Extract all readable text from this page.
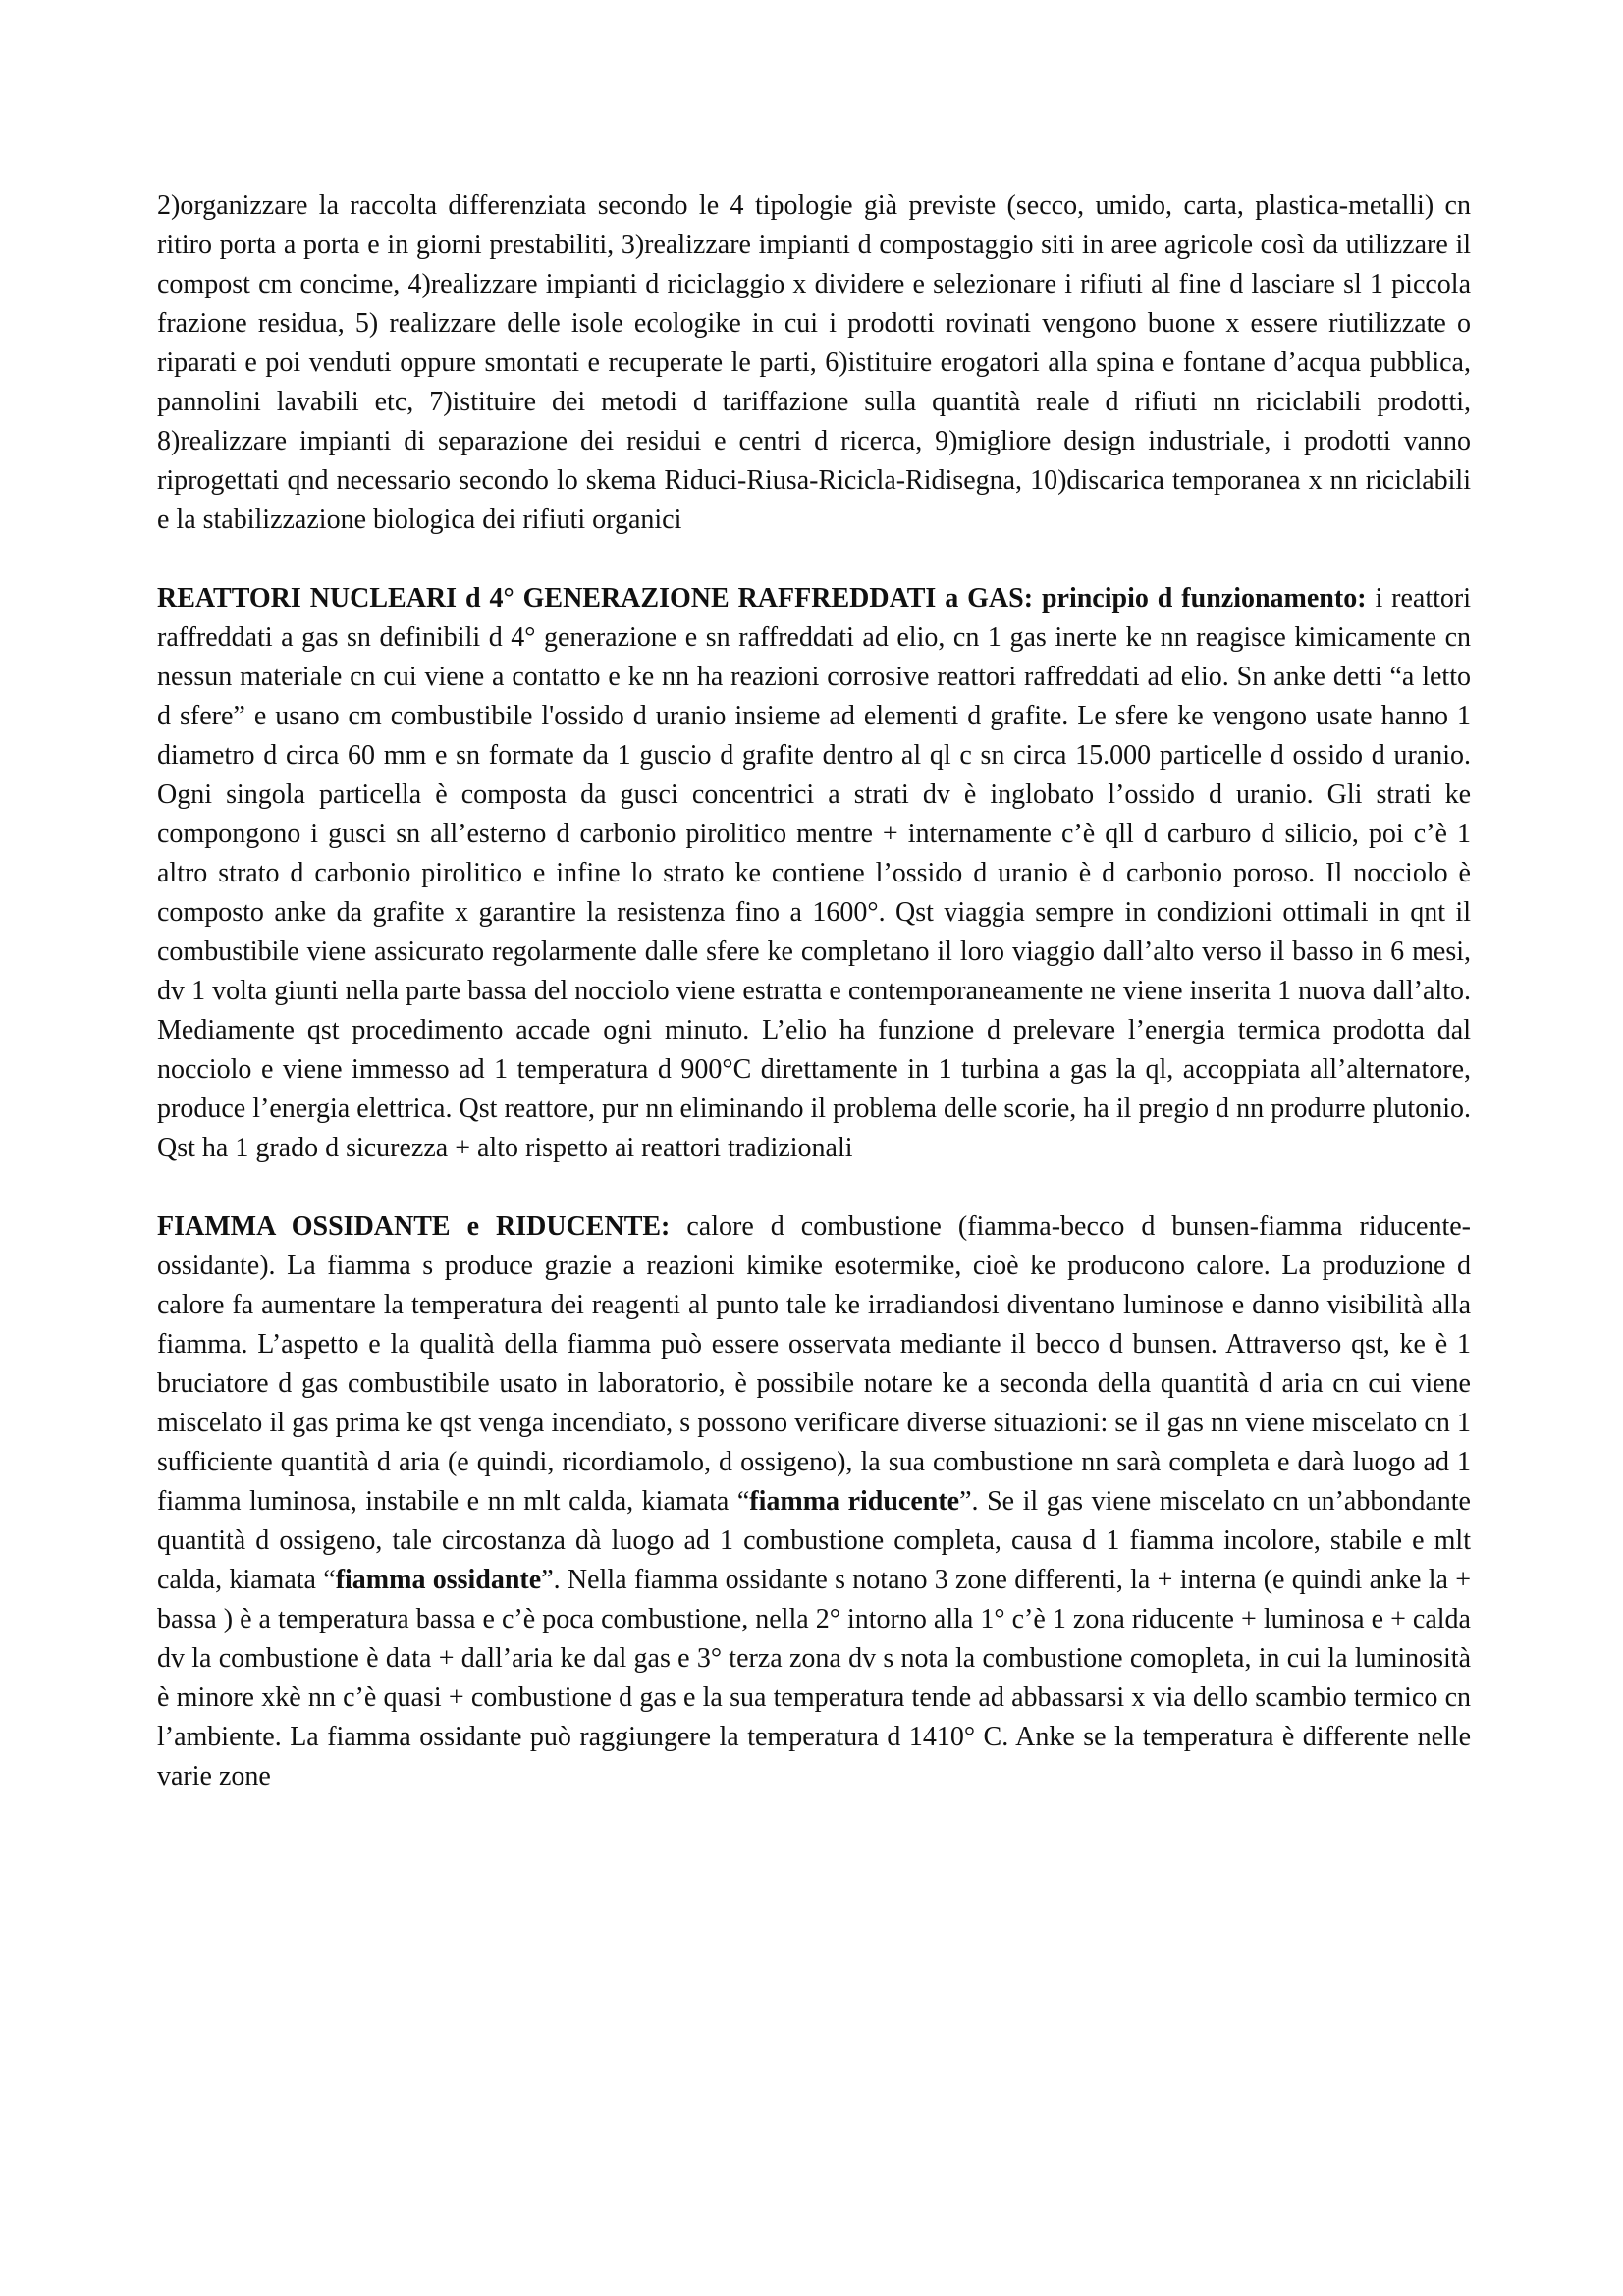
2)organizzare la raccolta differenziata secondo le 4 tipologie già previste (secco, umido, carta, plastica-metalli) cn ritiro porta a porta e in giorni prestabiliti, 3)realizzare impianti d compostaggio siti in aree agricole così da utilizzare il compost cm concime, 4)realizzare impianti d riciclaggio x dividere e selezionare i rifiuti al fine d lasciare sl 1 piccola frazione residua, 5) realizzare delle isole ecologike in cui i prodotti rovinati vengono buone x essere riutilizzate o riparati e poi venduti oppure smontati e recuperate le parti, 6)istituire erogatori alla spina e fontane d’acqua pubblica, pannolini lavabili etc, 7)istituire dei metodi d tariffazione sulla quantità reale d rifiuti nn riciclabili prodotti, 8)realizzare impianti di separazione dei residui e centri d ricerca, 9)migliore design industriale, i prodotti vanno riprogettati qnd necessario secondo lo skema Riduci-Riusa-Ricicla-Ridisegna, 10)discarica temporanea x nn riciclabili e la stabilizzazione biologica dei rifiuti organici

REATTORI NUCLEARI d 4° GENERAZIONE RAFFREDDATI a GAS: principio d funzionamento: i reattori raffreddati a gas sn definibili d 4° generazione e sn raffreddati ad elio, cn 1 gas inerte ke nn reagisce kimicamente cn nessun materiale cn cui viene a contatto e ke nn ha reazioni corrosive reattori raffreddati ad elio. Sn anke detti “a letto d sfere” e usano cm combustibile l'ossido d uranio insieme ad elementi d grafite. Le sfere ke vengono usate hanno 1 diametro d circa 60 mm e sn formate da 1 guscio d grafite dentro al ql c sn circa 15.000 particelle d ossido d uranio. Ogni singola particella è composta da gusci concentrici a strati dv è inglobato l’ossido d uranio. Gli strati ke compongono i gusci sn all’esterno d carbonio pirolitico mentre + internamente c’è qll d carburo d silicio, poi c’è 1 altro strato d carbonio pirolitico e infine lo strato ke contiene l’ossido d uranio è d carbonio poroso. Il nocciolo è composto anke da grafite x garantire la resistenza fino a 1600°. Qst viaggia sempre in condizioni ottimali in qnt il combustibile viene assicurato regolarmente dalle sfere ke completano il loro viaggio dall’alto verso il basso in 6 mesi, dv 1 volta giunti nella parte bassa del nocciolo viene estratta e contemporaneamente ne viene inserita 1 nuova dall’alto. Mediamente qst procedimento accade ogni minuto. L’elio ha funzione d prelevare l’energia termica prodotta dal nocciolo e viene immesso ad 1 temperatura d 900°C direttamente in 1 turbina a gas la ql, accoppiata all’alternatore, produce l’energia elettrica. Qst reattore, pur nn eliminando il problema delle scorie, ha il pregio d nn produrre plutonio. Qst ha 1 grado d sicurezza + alto rispetto ai reattori tradizionali

FIAMMA OSSIDANTE e RIDUCENTE: calore d combustione (fiamma-becco d bunsen-fiamma riducente-ossidante). La fiamma s produce grazie a reazioni kimike esotermike, cioè ke producono calore. La produzione d calore fa aumentare la temperatura dei reagenti al punto tale ke irradiandosi diventano luminose e danno visibilità alla fiamma. L’aspetto e la qualità della fiamma può essere osservata mediante il becco d bunsen. Attraverso qst, ke è 1 bruciatore d gas combustibile usato in laboratorio, è possibile notare ke a seconda della quantità d aria cn cui viene miscelato il gas prima ke qst venga incendiato, s possono verificare diverse situazioni: se il gas nn viene miscelato cn 1 sufficiente quantità d aria (e quindi, ricordiamolo, d ossigeno), la sua combustione nn sarà completa e darà luogo ad 1 fiamma luminosa, instabile e nn mlt calda, kiamata “fiamma riducente”. Se il gas viene miscelato cn un’abbondante quantità d ossigeno, tale circostanza dà luogo ad 1 combustione completa, causa d 1 fiamma incolore, stabile e mlt calda, kiamata “fiamma ossidante”. Nella fiamma ossidante s notano 3 zone differenti, la + interna (e quindi anke la + bassa ) è a temperatura bassa e c’è poca combustione, nella 2° intorno alla 1° c’è 1 zona riducente + luminosa e + calda dv la combustione è data + dall’aria ke dal gas e 3° terza zona dv s nota la combustione comopleta, in cui la luminosità è minore xkè nn c’è quasi + combustione d gas e la sua temperatura tende ad abbassarsi x via dello scambio termico cn l’ambiente. La fiamma ossidante può raggiungere la temperatura d 1410° C. Anke se la temperatura è differente nelle varie zone
